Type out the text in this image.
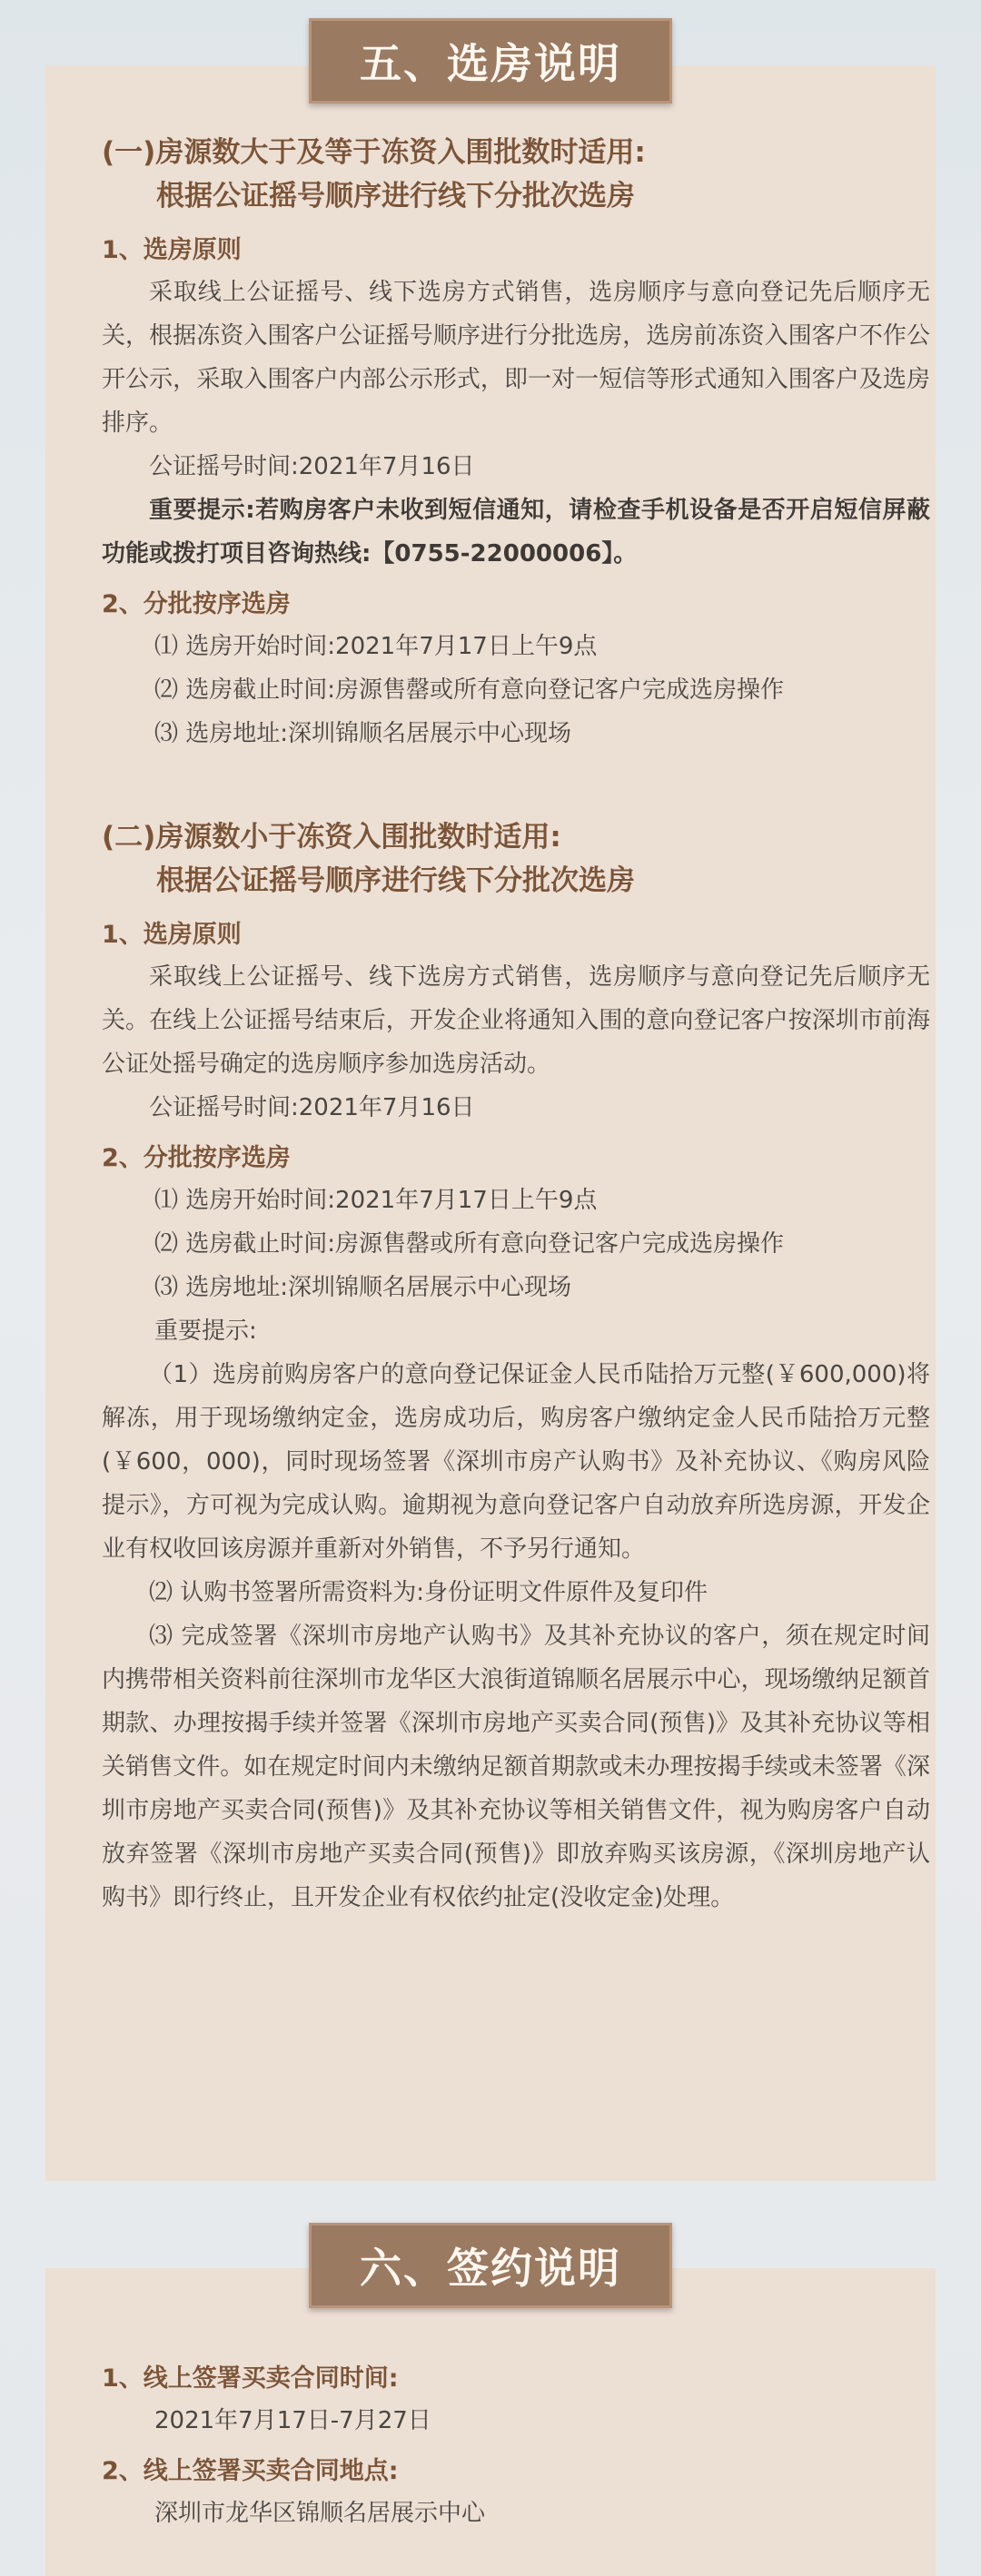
(一)房源数大于及等于冻资入围批数时适用:
根据公证摇号顺序进行线下分批次选房

1、选房原则

采取线上公证摇号、线下选房方式销售，选房顺序与意向登记先后顺序无关，根据冻资入围客户公证摇号顺序进行分批选房，选房前冻资入围客户不作公开公示，采取入围客户内部公示形式，即一对一短信等形式通知入围客户及选房排序。

公证摇号时间:2021年7月16日

重要提示:若购房客户未收到短信通知，请检查手机设备是否开启短信屏蔽功能或拨打项目咨询热线:【0755-22000006】。

2、分批按序选房

⑴ 选房开始时间:2021年7月17日上午9点

⑵ 选房截止时间:房源售罄或所有意向登记客户完成选房操作

⑶ 选房地址:深圳锦顺名居展示中心现场

(二)房源数小于冻资入围批数时适用:
根据公证摇号顺序进行线下分批次选房

1、选房原则

采取线上公证摇号、线下选房方式销售，选房顺序与意向登记先后顺序无关。在线上公证摇号结束后，开发企业将通知入围的意向登记客户按深圳市前海公证处摇号确定的选房顺序参加选房活动。

公证摇号时间:2021年7月16日

2、分批按序选房

⑴ 选房开始时间:2021年7月17日上午9点

⑵ 选房截止时间:房源售罄或所有意向登记客户完成选房操作

⑶ 选房地址:深圳锦顺名居展示中心现场

重要提示:

（1）选房前购房客户的意向登记保证金人民币陆拾万元整(￥600,000)将解冻，用于现场缴纳定金，选房成功后，购房客户缴纳定金人民币陆拾万元整(￥600，000)，同时现场签署《深圳市房产认购书》及补充协议、《购房风险提示》，方可视为完成认购。逾期视为意向登记客户自动放弃所选房源，开发企业有权收回该房源并重新对外销售，不予另行通知。

⑵ 认购书签署所需资料为:身份证明文件原件及复印件

⑶ 完成签署《深圳市房地产认购书》及其补充协议的客户，须在规定时间内携带相关资料前往深圳市龙华区大浪街道锦顺名居展示中心，现场缴纳足额首期款、办理按揭手续并签署《深圳市房地产买卖合同(预售)》及其补充协议等相关销售文件。如在规定时间内未缴纳足额首期款或未办理按揭手续或未签署《深圳市房地产买卖合同(预售)》及其补充协议等相关销售文件，视为购房客户自动放弃签署《深圳市房地产买卖合同(预售)》即放弃购买该房源，《深圳房地产认购书》即行终止，且开发企业有权依约扯定(没收定金)处理。

五、选房说明

1、线上签署买卖合同时间:

2021年7月17日-7月27日

2、线上签署买卖合同地点:

深圳市龙华区锦顺名居展示中心

六、签约说明
